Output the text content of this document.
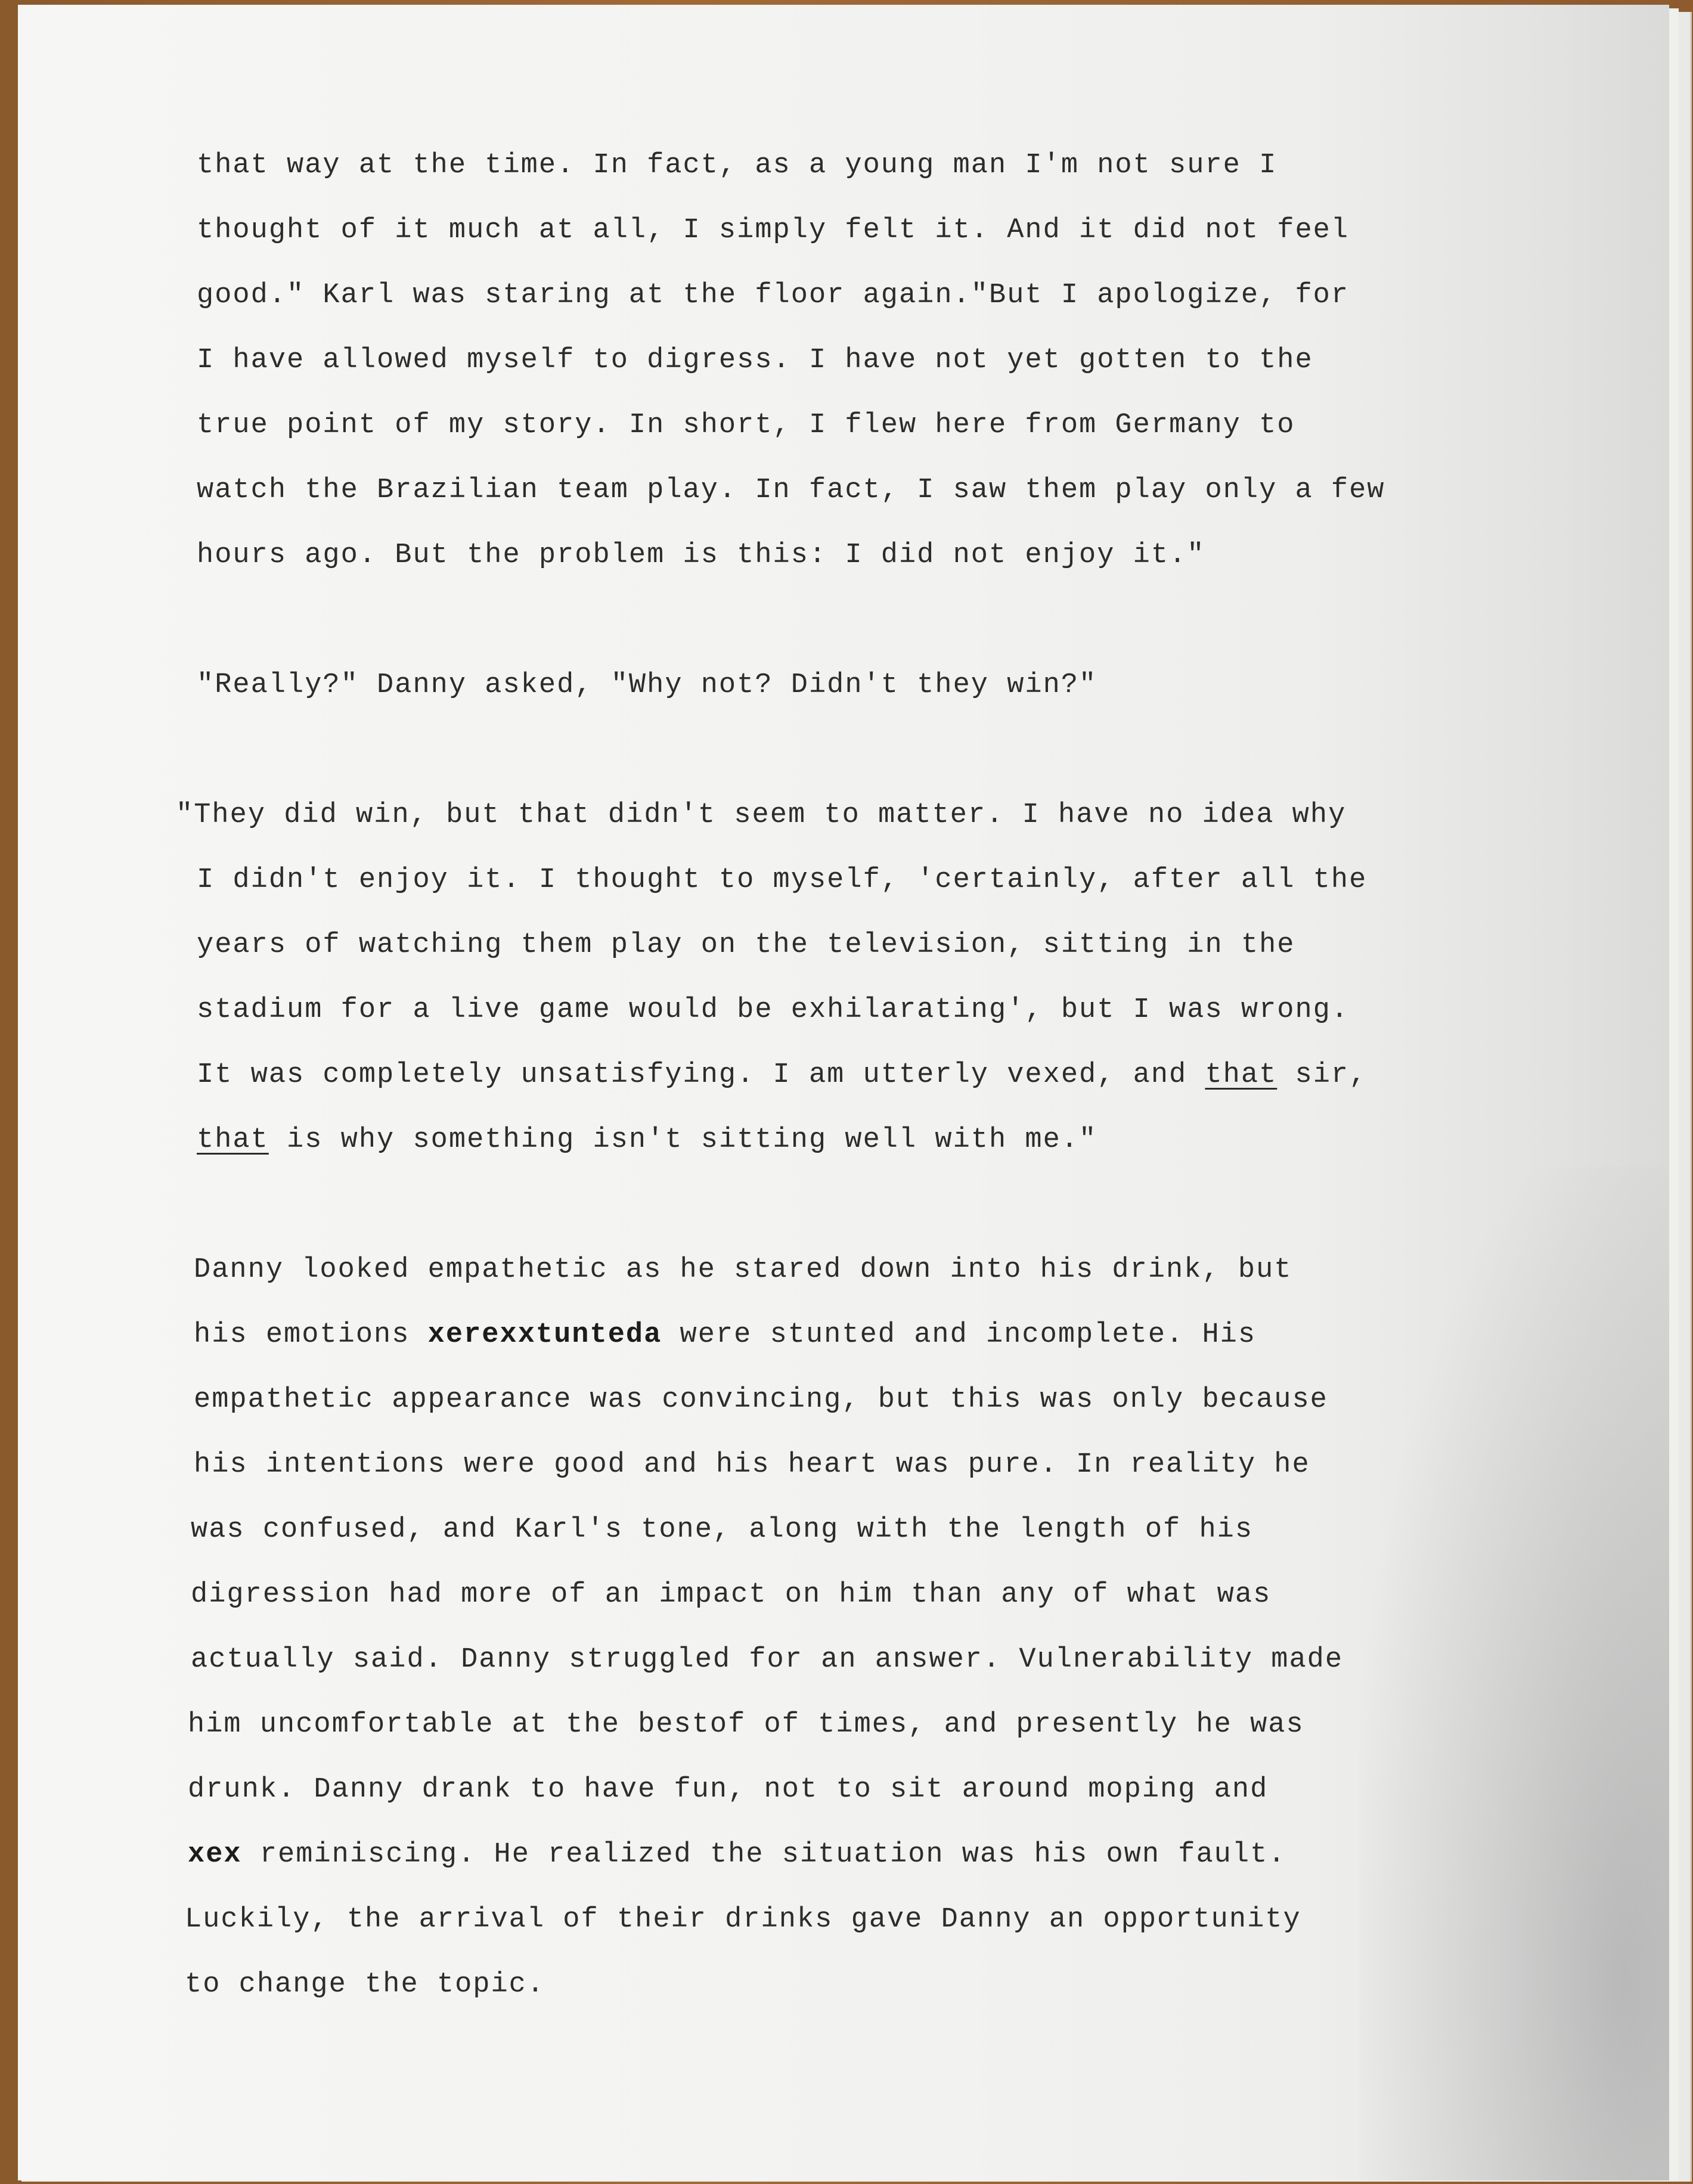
that way at the time. In fact, as a young man I'm not sure I
thought of it much at all, I simply felt it. And it did not feel
good." Karl was staring at the floor again."But I apologize, for
I have allowed myself to digress. I have not yet gotten to the
true point of my story. In short, I flew here from Germany to
watch the Brazilian team play. In fact, I saw them play only a few
hours ago. But the problem is this: I did not enjoy it."
"Really?" Danny asked, "Why not? Didn't they win?"
"They did win, but that didn't seem to matter. I have no idea why
I didn't enjoy it. I thought to myself, 'certainly, after all the
years of watching them play on the television, sitting in the
stadium for a live game would be exhilarating', but I was wrong.
It was completely unsatisfying. I am utterly vexed, and that sir,
that is why something isn't sitting well with me."
Danny looked empathetic as he stared down into his drink, but
his emotions xerexxtunteda were stunted and incomplete. His
empathetic appearance was convincing, but this was only because
his intentions were good and his heart was pure. In reality he
was confused, and Karl's tone, along with the length of his
digression had more of an impact on him than any of what was
actually said. Danny struggled for an answer. Vulnerability made
him uncomfortable at the bestof of times, and presently he was
drunk. Danny drank to have fun, not to sit around moping and
xex reminiscing. He realized the situation was his own fault.
Luckily, the arrival of their drinks gave Danny an opportunity
to change the topic.
